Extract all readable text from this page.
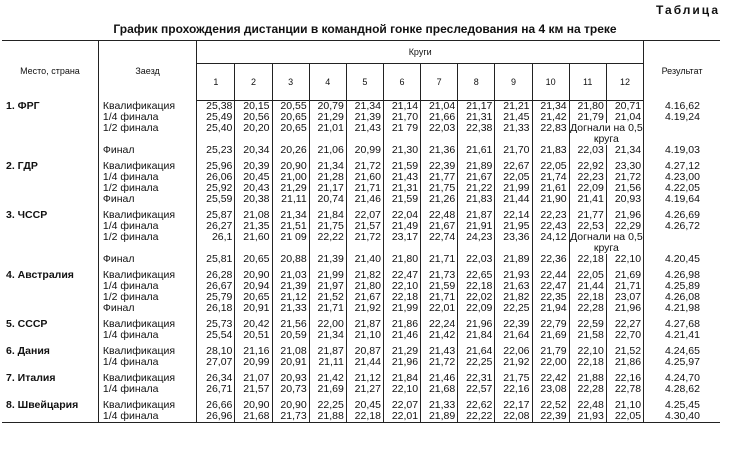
Таблица
График прохождения дистанции в командной гонке преследования на 4 км на треке
Место, страна	Заезд	Круги												Результат
		1	2	3	4	5	6	7	8	9	10	11	12	
1. ФРГ	Квалификация	25,38	20,15	20,55	20,79	21,34	21,14	21,04	21,17	21,21	21,34	21,80	20,71	4.16,62
	1/4 финала	25,49	20,56	20,65	21,29	21,39	21,70	21,66	21,31	21,45	21,42	21,79	21,04	4.19,24
	1/2 финала	25,40	20,20	20,65	21,01	21,43	21 79	22,03	22,38	21,33	22,83	Догнали на 0,5 круга		
	Финал	25,23	20,34	20,26	21,06	20,99	21,30	21,36	21,61	21,70	21,83	22,03	21,34	4.19,03

2. ГДР	Квалификация	25,96	20,39	20,90	21,34	21,72	21,59	22,39	21,89	22,67	22,05	22,92	23,30	4.27,12
	1/4 финала	26,06	20,45	21,00	21,28	21,60	21,43	21,77	21,67	22,05	21,74	22,23	21,72	4.23,00
	1/2 финала	25,92	20,43	21,29	21,17	21,71	21,31	21,75	21,22	21,99	21,61	22,09	21,56	4.22,05
	Финал	25,59	20,38	21,11	20,74	21,46	21,59	21,26	21,83	21,44	21,90	21,41	20,93	4.19,64

3. ЧССР	Квалификация	25,87	21,08	21,34	21,84	22,07	22,04	22,48	21,87	22,14	22,23	21,77	21,96	4.26,69
	1/4 финала	26,27	21,35	21,51	21,75	21,57	21,49	21,67	21,91	21,95	22,43	22,53	22,29	4.26,72
	1/2 финала	26,1	21,60	21 09	22,22	21,72	23,17	22,74	24,23	23,36	24,12	Догнали на 0,5 круга		
	Финал	25,81	20,65	20,88	21,39	21,40	21,80	21,71	22,03	21,89	22,36	22,18	22,10	4.20,45

4. Австралия	Квалификация	26,28	20,90	21,03	21,99	21,82	22,47	21,73	22,65	21,93	22,44	22,05	21,69	4.26,98
	1/4 финала	26,67	20,94	21,39	21,97	21,80	22,10	21,59	22,18	21,63	22,47	21,44	21,71	4.25,89
	1/2 финала	25,79	20,65	21,12	21,52	21,67	22,18	21,71	22,02	21,82	22,35	22,18	23,07	4.26,08
	Финал	26,18	20,91	21,33	21,71	21,92	21,99	22,01	22,09	22,25	21,94	22,28	21,96	4.21,98

5. СССР	Квалификация	25,73	20,42	21,56	22,00	21,87	21,86	22,24	21,96	22,39	22,79	22,59	22,27	4.27,68
	1/4 финала	25,54	20,51	20,59	21,34	21,10	21,46	21,42	21,84	21,64	21,69	21,58	22,70	4.21,41

6. Дания	Квалификация	28,10	21,16	21,08	21,87	20,87	21,29	21,43	21,64	22,06	21,79	22,10	21,52	4.24,65
	1/4 финала	27,07	20,99	20,91	21,11	21,44	21,96	21,72	22,25	21,92	22,00	22,18	21,86	4.25,97

7. Италия	Квалификация	26,34	21,07	20,93	21,42	21,12	21,84	21,46	22,31	21,75	22,42	21,88	22,16	4.24,70
	1/4 финала	26,71	21,57	20,73	21,69	21,27	22,10	21,68	22,57	22,16	23,08	22,28	22,78	4.28,62

8. Швейцария	Квалификация	26,66	20,90	20,90	22,25	20,45	22,07	21,33	22,62	22,17	22,52	22,48	21,10	4.25,45
	1/4 финала	26,96	21,68	21,73	21,88	22,18	22,01	21,89	22,22	22,08	22,39	21,93	22,05	4.30,40
